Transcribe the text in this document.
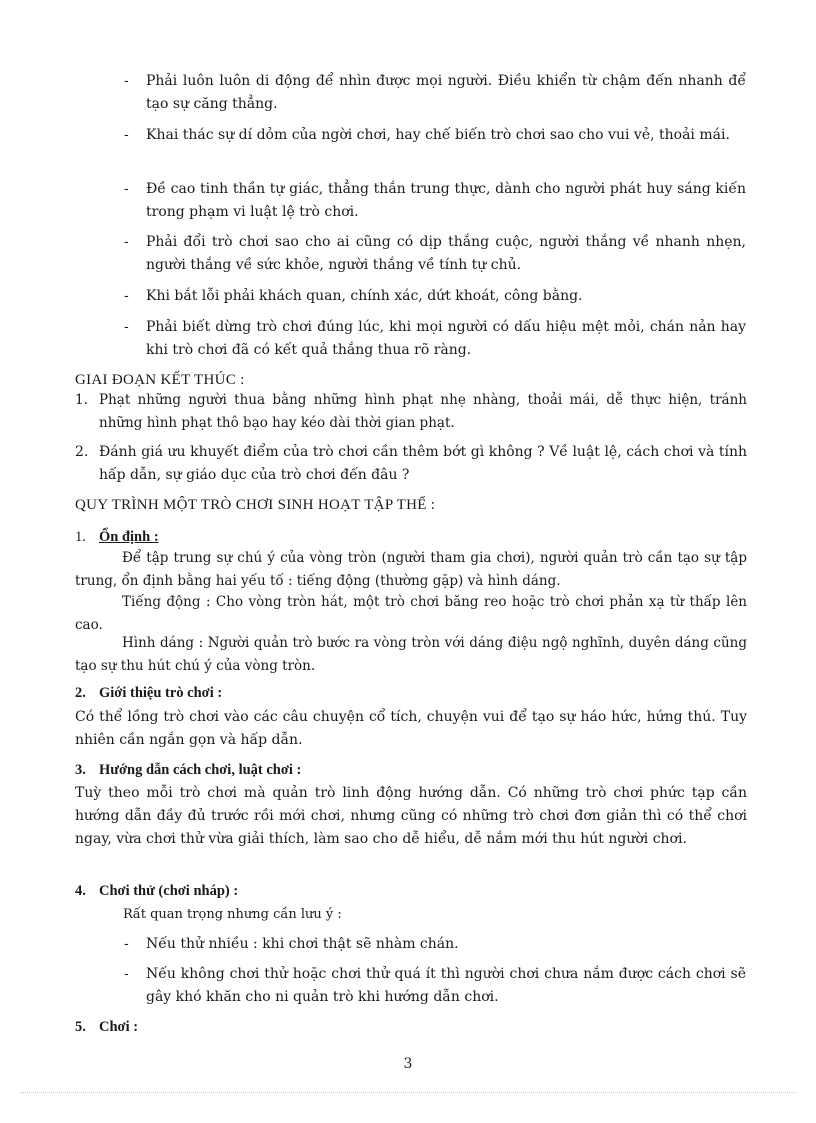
-	Phải luôn luôn di động để nhìn được mọi người. Điều khiển từ chậm đến nhanh để tạo sự căng thẳng.
-	Khai thác sự dí dỏm của ngời chơi, hay chế biến trò chơi sao cho vui vẻ, thoải mái.
-	Đề cao tinh thần tự giác, thẳng thắn trung thực, dành cho người phát huy sáng kiến trong phạm vi luật lệ trò chơi.
-	Phải đổi trò chơi sao cho ai cũng có dịp thắng cuộc, người thắng về nhanh nhẹn, người thắng về sức khỏe, người thắng về tính tự chủ.
-	Khi bắt lỗi phải khách quan, chính xác, dứt khoát, công bằng.
-	Phải biết dừng trò chơi đúng lúc, khi mọi người có dấu hiệu mệt mỏi, chán nản hay khi trò chơi đã có kết quả thắng thua rõ ràng.
GIAI ĐOẠN KẾT THÚC :
1. Phạt những người thua bằng những hình phạt nhẹ nhàng, thoải mái, dễ thực hiện, tránh những hình phạt thô bạo hay kéo dài thời gian phạt.
2. Đánh giá ưu khuyết điểm của trò chơi cần thêm bớt gì không ? Về luật lệ, cách chơi và tính hấp dẫn, sự giáo dục của trò chơi đến đâu ?
QUY TRÌNH MỘT TRÒ CHƠI SINH HOẠT TẬP THỂ :
1. Ổn định :
Để tập trung sự chú ý của vòng tròn (người tham gia chơi), người quản trò cần tạo sự tập trung, ổn định bằng hai yếu tố : tiếng động (thường gặp) và hình dáng.
Tiếng động : Cho vòng tròn hát, một trò chơi băng reo hoặc trò chơi phản xạ từ thấp lên cao.
Hình dáng : Người quản trò bước ra vòng tròn với dáng điệu ngộ nghĩnh, duyên dáng cũng tạo sự thu hút chú ý của vòng tròn.
2. Giới thiệu trò chơi :
Có thể lồng trò chơi vào các câu chuyện cổ tích, chuyện vui để tạo sự háo hức, hứng thú. Tuy nhiên cần ngắn gọn và hấp dẫn.
3. Hướng dẫn cách chơi, luật chơi :
Tuỳ theo mỗi trò chơi mà quản trò linh động hướng dẫn. Có những trò chơi phức tạp cần hướng dẫn đầy đủ trước rồi mới chơi, nhưng cũng có những trò chơi đơn giản thì có thể chơi ngay, vừa chơi thử vừa giải thích, làm sao cho dễ hiểu, dễ nắm mới thu hút người chơi.
4. Chơi thử (chơi nháp) :
Rất quan trọng nhưng cần lưu ý :
-	Nếu thử nhiều : khi chơi thật sẽ nhàm chán.
-	Nếu không chơi thử hoặc chơi thử quá ít thì người chơi chưa nắm được cách chơi sẽ gây khó khăn cho ni quản trò khi hướng dẫn chơi.
5. Chơi :
3
